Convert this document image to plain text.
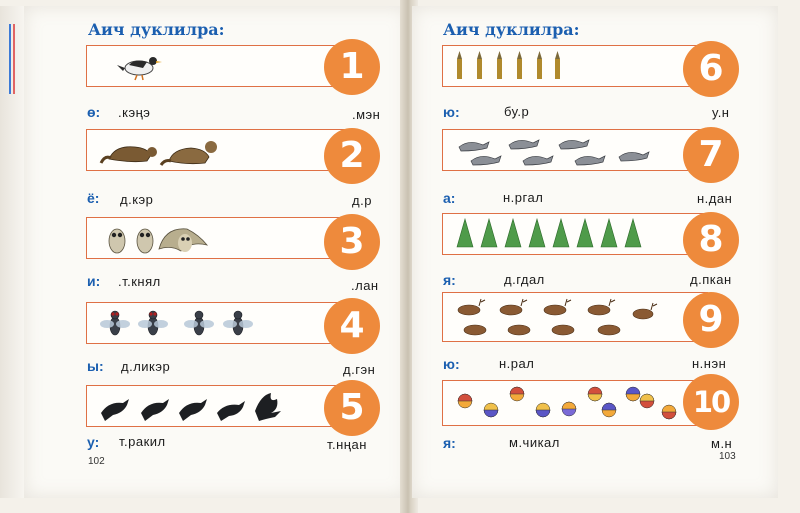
Аич дуклилра:
1
ө: .кэңэ	.мэн
2
ё: д.кэр	д.р
3
и: .т.княл	.лан
4
ы: д.ликэр	д.гэн
5
у: т.ракил	т.нңан
102
Аич дуклилра:
6
ю:	бу.р	у.н
7
а:	н.ргал	н.дан
8
я:	д.гдал	д.пкан
9
ю:	н.рал	н.нэн
10
я:	м.чикал	м.н
103
